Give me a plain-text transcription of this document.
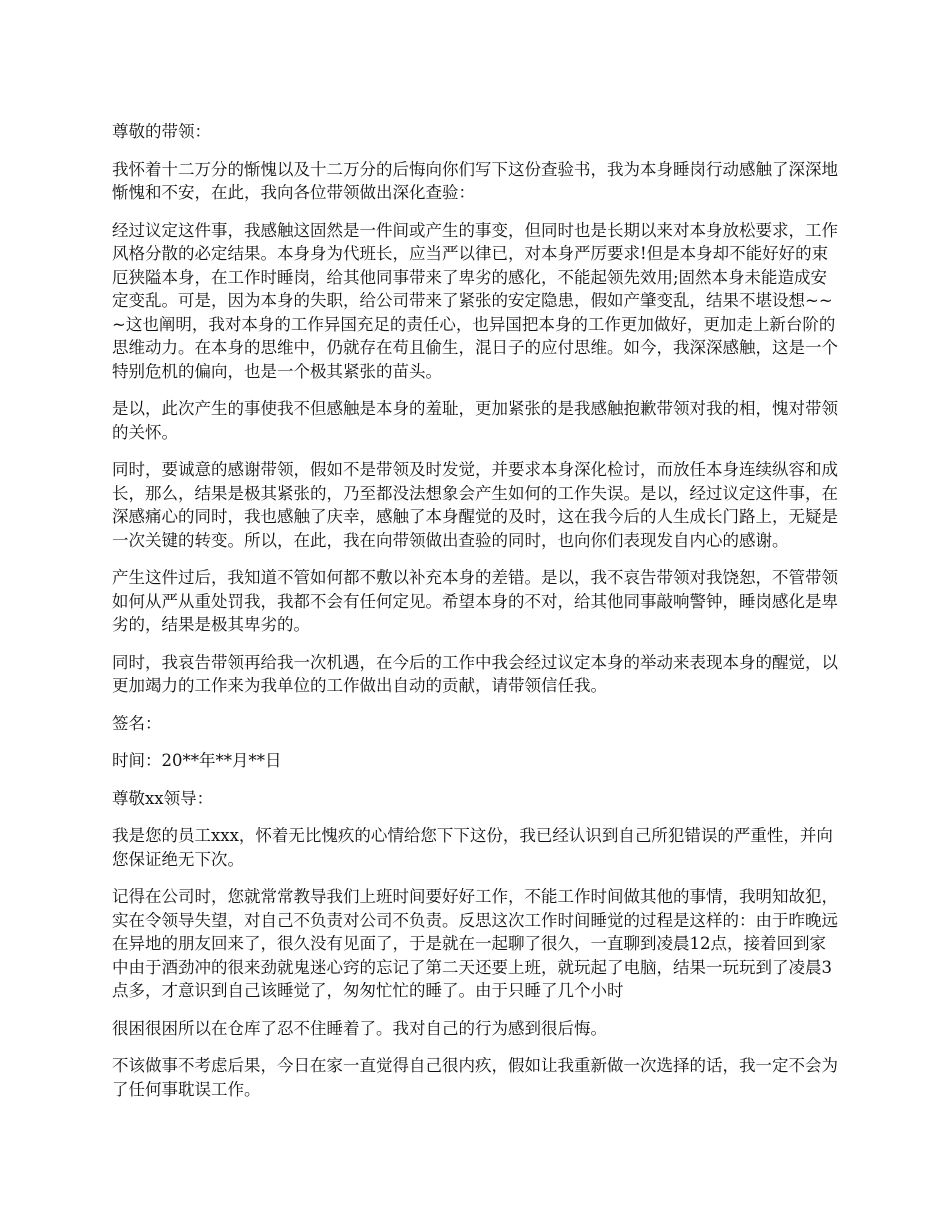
尊敬的带领：

我怀着十二万分的惭愧以及十二万分的后悔向你们写下这份查验书，我为本身睡岗行动感触了深深地惭愧和不安，在此，我向各位带领做出深化查验：

经过议定这件事，我感触这固然是一件间或产生的事变，但同时也是长期以来对本身放松要求，工作风格分散的必定结果。本身身为代班长，应当严以律已，对本身严厉要求!但是本身却不能好好的束厄狭隘本身，在工作时睡岗，给其他同事带来了卑劣的感化，不能起领先效用;固然本身未能造成安定变乱。可是，因为本身的失职，给公司带来了紧张的安定隐患，假如产肇变乱，结果不堪设想~~~这也阐明，我对本身的工作异国充足的责任心，也异国把本身的工作更加做好，更加走上新台阶的思维动力。在本身的思维中，仍就存在苟且偷生，混日子的应付思维。如今，我深深感触，这是一个特别危机的偏向，也是一个极其紧张的苗头。

是以，此次产生的事使我不但感触是本身的羞耻，更加紧张的是我感触抱歉带领对我的相，愧对带领的关怀。

同时，要诚意的感谢带领，假如不是带领及时发觉，并要求本身深化检讨，而放任本身连续纵容和成长，那么，结果是极其紧张的，乃至都没法想象会产生如何的工作失误。是以，经过议定这件事，在深感痛心的同时，我也感触了庆幸，感触了本身醒觉的及时，这在我今后的人生成长门路上，无疑是一次关键的转变。所以，在此，我在向带领做出查验的同时，也向你们表现发自内心的感谢。

产生这件过后，我知道不管如何都不敷以补充本身的差错。是以，我不哀告带领对我饶恕，不管带领如何从严从重处罚我，我都不会有任何定见。希望本身的不对，给其他同事敲响警钟，睡岗感化是卑劣的，结果是极其卑劣的。

同时，我哀告带领再给我一次机遇，在今后的工作中我会经过议定本身的举动来表现本身的醒觉，以更加竭力的工作来为我单位的工作做出自动的贡献，请带领信任我。

签名：

时间：20**年**月**日

尊敬xx领导：

我是您的员工xxx，怀着无比愧疚的心情给您下下这份，我已经认识到自己所犯错误的严重性，并向您保证绝无下次。

记得在公司时，您就常常教导我们上班时间要好好工作，不能工作时间做其他的事情，我明知故犯，实在令领导失望，对自己不负责对公司不负责。反思这次工作时间睡觉的过程是这样的：由于昨晚远在异地的朋友回来了，很久没有见面了，于是就在一起聊了很久，一直聊到凌晨12点，接着回到家中由于酒劲冲的很来劲就鬼迷心窍的忘记了第二天还要上班，就玩起了电脑，结果一玩玩到了凌晨3点多，才意识到自己该睡觉了，匆匆忙忙的睡了。由于只睡了几个小时

很困很困所以在仓库了忍不住睡着了。我对自己的行为感到很后悔。

不该做事不考虑后果，今日在家一直觉得自己很内疚，假如让我重新做一次选择的话，我一定不会为了任何事耽误工作。
